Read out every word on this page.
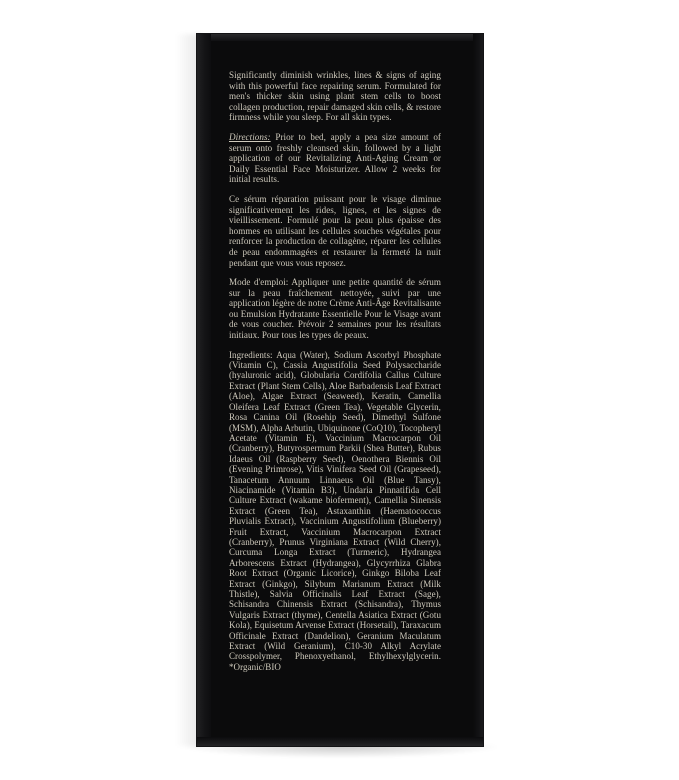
Significantly diminish wrinkles, lines & signs of aging with this powerful face repairing serum. Formulated for men's thicker skin using plant stem cells to boost collagen production, repair damaged skin cells, & restore firmness while you sleep. For all skin types.

Directions: Prior to bed, apply a pea size amount of serum onto freshly cleansed skin, followed by a light application of our Revitalizing Anti-Aging Cream or Daily Essential Face Moisturizer. Allow 2 weeks for initial results.

Ce sérum réparation puissant pour le visage diminue significativement les rides, lignes, et les signes de vieillissement. Formulé pour la peau plus épaisse des hommes en utilisant les cellules souches végétales pour renforcer la production de collagène, réparer les cellules de peau endommagées et restaurer la fermeté la nuit pendant que vous vous reposez.

Mode d'emploi: Appliquer une petite quantité de sérum sur la peau fraîchement nettoyée, suivi par une application légère de notre Crème Anti-Âge Revitalisante ou Emulsion Hydratante Essentielle Pour le Visage avant de vous coucher. Prévoir 2 semaines pour les résultats initiaux. Pour tous les types de peaux.

Ingredients: Aqua (Water), Sodium Ascorbyl Phosphate (Vitamin C), Cassia Angustifolia Seed Polysaccharide (hyaluronic acid), Globularia Cordifolia Callus Culture Extract (Plant Stem Cells), Aloe Barbadensis Leaf Extract (Aloe), Algae Extract (Seaweed), Keratin, Camellia Oleifera Leaf Extract (Green Tea), Vegetable Glycerin, Rosa Canina Oil (Rosehip Seed), Dimethyl Sulfone (MSM), Alpha Arbutin, Ubiquinone (CoQ10), Tocopheryl Acetate (Vitamin E), Vaccinium Macrocarpon Oil (Cranberry), Butyrospermum Parkii (Shea Butter), Rubus Idaeus Oil (Raspberry Seed), Oenothera Biennis Oil (Evening Primrose), Vitis Vinifera Seed Oil (Grapeseed), Tanacetum Annuum Linnaeus Oil (Blue Tansy), Niacinamide (Vitamin B3), Undaria Pinnatifida Cell Culture Extract (wakame bioferment), Camellia Sinensis Extract (Green Tea), Astaxanthin (Haematococcus Pluvialis Extract), Vaccinium Angustifolium (Blueberry) Fruit Extract, Vaccinium Macrocarpon Extract (Cranberry), Prunus Virginiana Extract (Wild Cherry), Curcuma Longa Extract (Turmeric), Hydrangea Arborescens Extract (Hydrangea), Glycyrrhiza Glabra Root Extract (Organic Licorice), Ginkgo Biloba Leaf Extract (Ginkgo), Silybum Marianum Extract (Milk Thistle), Salvia Officinalis Leaf Extract (Sage), Schisandra Chinensis Extract (Schisandra), Thymus Vulgaris Extract (thyme), Centella Asiatica Extract (Gotu Kola), Equisetum Arvense Extract (Horsetail), Taraxacum Officinale Extract (Dandelion), Geranium Maculatum Extract (Wild Geranium), C10-30 Alkyl Acrylate Crosspolymer, Phenoxyethanol, Ethylhexylglycerin. *Organic/BIO
